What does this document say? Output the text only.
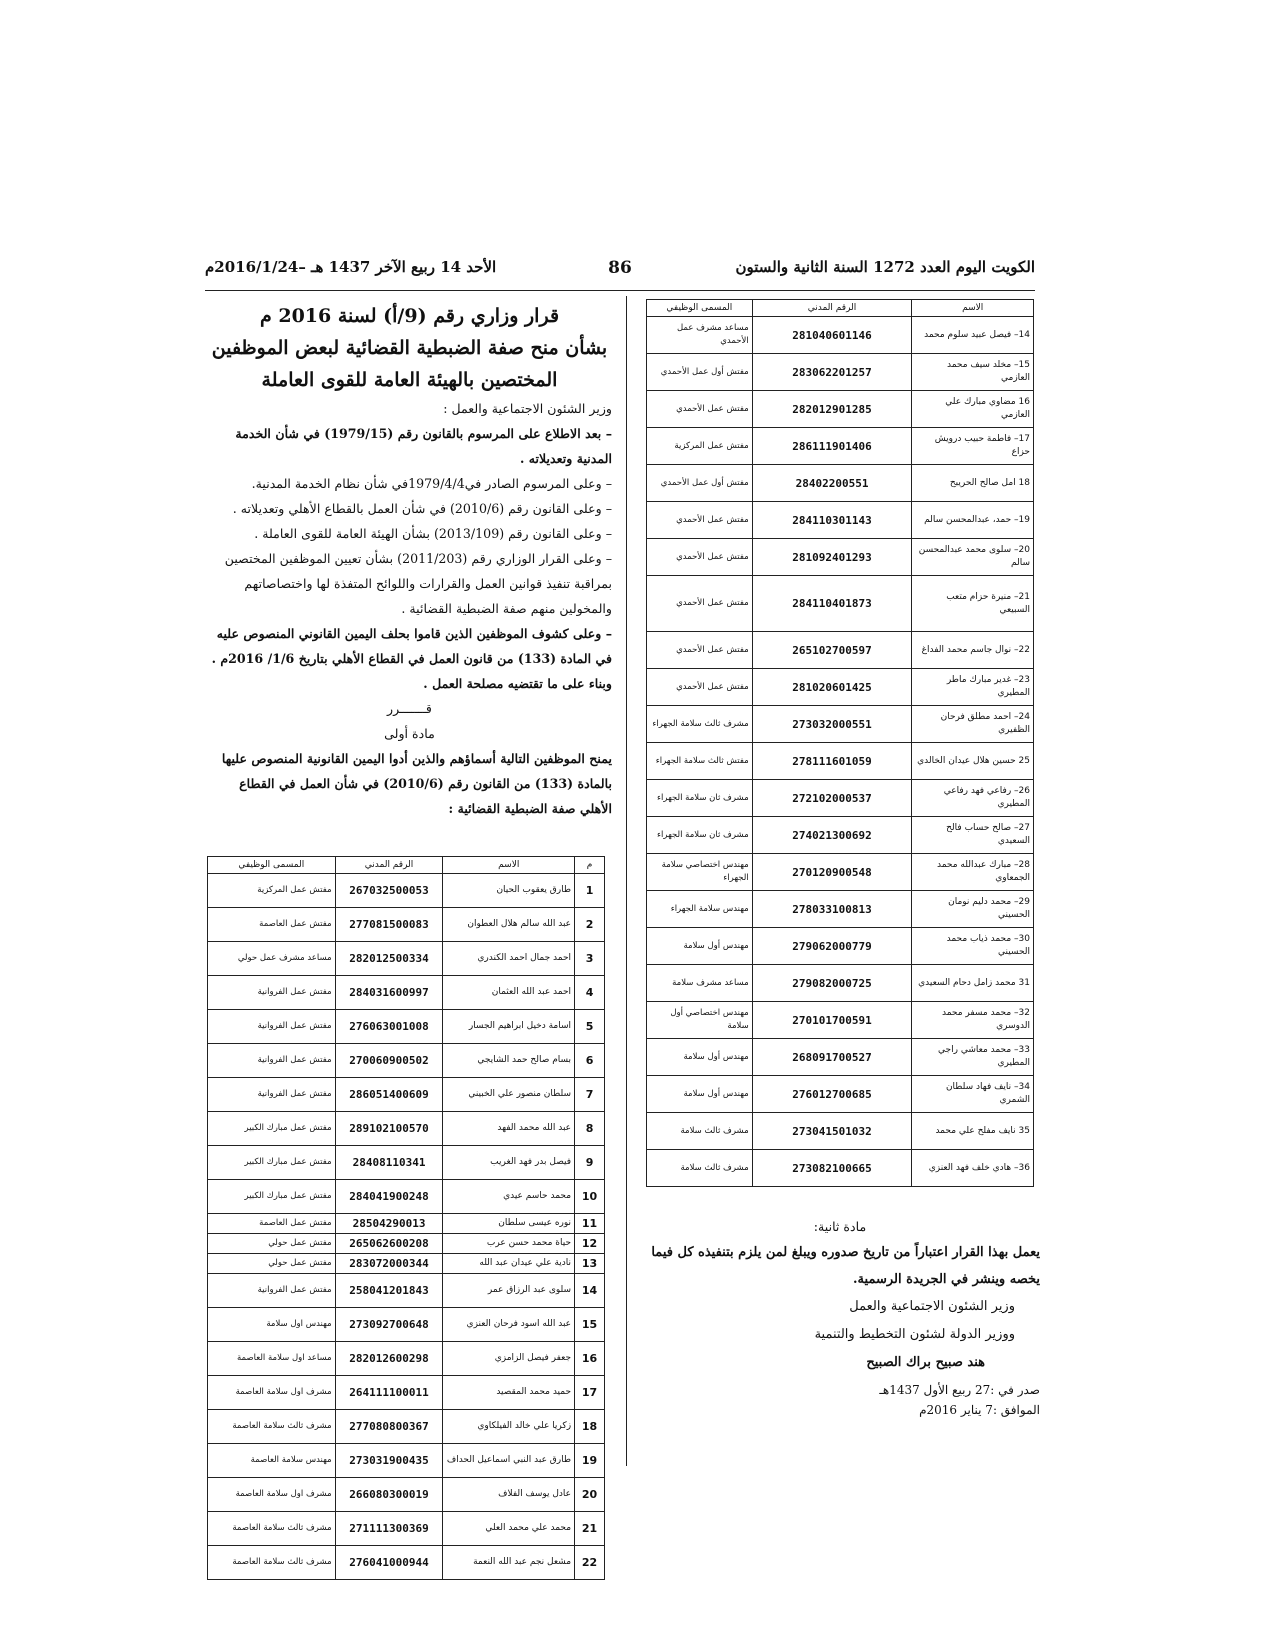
الكويت اليوم العدد 1272 السنة الثانية والستون
86
الأحد 14 ربيع الآخر 1437 هـ –2016/1/24م

قرار وزاري رقم (9/أ) لسنة 2016 م

بشأن منح صفة الضبطية القضائية لبعض الموظفين

المختصين بالهيئة العامة للقوى العاملة

وزير الشئون الاجتماعية والعمل :

– بعد الاطلاع على المرسوم بالقانون رقم (1979/15) في شأن الخدمة المدنية وتعديلاته .

– وعلى المرسوم الصادر في1979/4/4في شأن نظام الخدمة المدنية.

– وعلى القانون رقم (2010/6) في شأن العمل بالقطاع الأهلي وتعديلاته .

– وعلى القانون رقم (2013/109) بشأن الهيئة العامة للقوى العاملة .

– وعلى القرار الوزاري رقم (2011/203) بشأن تعيين الموظفين المختصين بمراقبة تنفيذ قوانين العمل والقرارات واللوائح المتفذة لها واختصاصاتهم والمخولين منهم صفة الضبطية القضائية .

– وعلى كشوف الموظفين الذين قاموا بحلف اليمين القانوني المنصوص عليه في المادة (133) من قانون العمل في القطاع الأهلي بتاريخ 1/6/ 2016م .

وبناء على ما تقتضيه مصلحة العمل .

قـــــــرر

مادة أولى

يمنح الموظفين التالية أسماؤهم والذين أدوا اليمين القانونية المنصوص عليها بالمادة (133) من القانون رقم (2010/6) في شأن العمل في القطاع الأهلي صفة الضبطية القضائية :

م	الاسم	الرقم المدني	المسمى الوظيفي
1	طارق يعقوب الحيان	267032500053	مفتش عمل المركزية
2	عبد الله سالم هلال العطوان	277081500083	مفتش عمل العاصمة
3	احمد جمال احمد الكندري	282012500334	مساعد مشرف عمل حولي
4	احمد عبد الله العثمان	284031600997	مفتش عمل الفروانية
5	اسامة دخيل ابراهيم الجسار	276063001008	مفتش عمل الفروانية
6	بسام صالح حمد الشايجي	270060900502	مفتش عمل الفروانية
7	سلطان منصور علي الخبيني	286051400609	مفتش عمل الفروانية
8	عبد الله محمد الفهد	289102100570	مفتش عمل مبارك الكبير
9	فيصل بدر فهد الغريب	28408110341	مفتش عمل مبارك الكبير
10	محمد حاسم عيدي	284041900248	مفتش عمل مبارك الكبير
11	نوره عيسى سلطان	28504290013	مفتش عمل العاصمة
12	حياة محمد حسن عرب	265062600208	مفتش عمل حولي
13	نادية علي عيدان عبد الله	283072000344	مفتش عمل حولي
14	سلوى عبد الرزاق عمر	258041201843	مفتش عمل الفروانية
15	عبد الله اسود فرحان العنزي	273092700648	مهندس اول سلامة
16	جعفر فيصل الزامزي	282012600298	مساعد اول سلامة العاصمة
17	حميد محمد المقصيد	264111100011	مشرف اول سلامة العاصمة
18	زكريا علي خالد الفيلكاوي	277080800367	مشرف ثالث سلامة العاصمة
19	طارق عبد النبي اسماعيل الحداف	273031900435	مهندس سلامة العاصمة
20	عادل يوسف الفلاف	266080300019	مشرف اول سلامة العاصمة
21	محمد علي محمد العلي	271111300369	مشرف ثالث سلامة العاصمة
22	مشعل نجم عبد الله النعمة	276041000944	مشرف ثالث سلامة العاصمة
الاسم	الرقم المدني	المسمى الوظيفي
14– فيصل عبيد سلوم محمد	281040601146	مساعد مشرف عمل الأحمدي
15– مخلد سيف محمد العازمي	283062201257	مفتش أول عمل الأحمدي
16 مضاوي مبارك علي العازمي	282012901285	مفتش عمل الأحمدي
17– فاطمة حبيب درويش حزاع	286111901406	مفتش عمل المركزية
18 امل صالح الحريبح	28402200551	مفتش أول عمل الأحمدي
19– حمد، عبدالمحسن سالم	284110301143	مفتش عمل الأحمدي
20– سلوى محمد عبدالمحسن سالم	281092401293	مفتش عمل الأحمدي
21– منيرة حزام متعب السبيعي	284110401873	مفتش عمل الأحمدي
22– نوال جاسم محمد الفداغ	265102700597	مفتش عمل الأحمدي
23– غدير مبارك ماطر المطيري	281020601425	مفتش عمل الأحمدي
24– احمد مطلق فرحان الظفيري	273032000551	مشرف ثالث سلامة الجهراء
25 حسين هلال عيدان الخالدي	278111601059	مفتش ثالث سلامة الجهراء
26– رفاعي فهد رفاعي المطيري	272102000537	مشرف ثان سلامة الجهراء
27– صالح حساب فالح السعيدي	274021300692	مشرف ثان سلامة الجهراء
28– مبارك عبدالله محمد الجمعاوي	270120900548	مهندس اختصاصي سلامة الجهراء
29– محمد دليم نومان الحسيني	278033100813	مهندس سلامة الجهراء
30– محمد ذياب محمد الحسيني	279062000779	مهندس أول سلامة
31 محمد زامل دحام السعيدي	279082000725	مساعد مشرف سلامة
32– محمد مسفر محمد الدوسري	270101700591	مهندس اختصاصي أول سلامة
33– محمد معاشي راجي المطيري	268091700527	مهندس أول سلامة
34– نايف فهاد سلطان الشمري	276012700685	مهندس أول سلامة
35 نايف مفلح علي محمد	273041501032	مشرف ثالث سلامة
36– هادي خلف فهد العنزي	273082100665	مشرف ثالث سلامة

مادة ثانية:

يعمل بهذا القرار اعتباراً من تاريخ صدوره ويبلغ لمن يلزم بتنفيذه كل فيما يخصه وينشر في الجريدة الرسمية.

وزير الشئون الاجتماعية والعمل

ووزير الدولة لشئون التخطيط والتنمية

هند صبيح براك الصبيح

صدر في :27 ربيع الأول 1437هـ
الموافق :7 يناير 2016م
